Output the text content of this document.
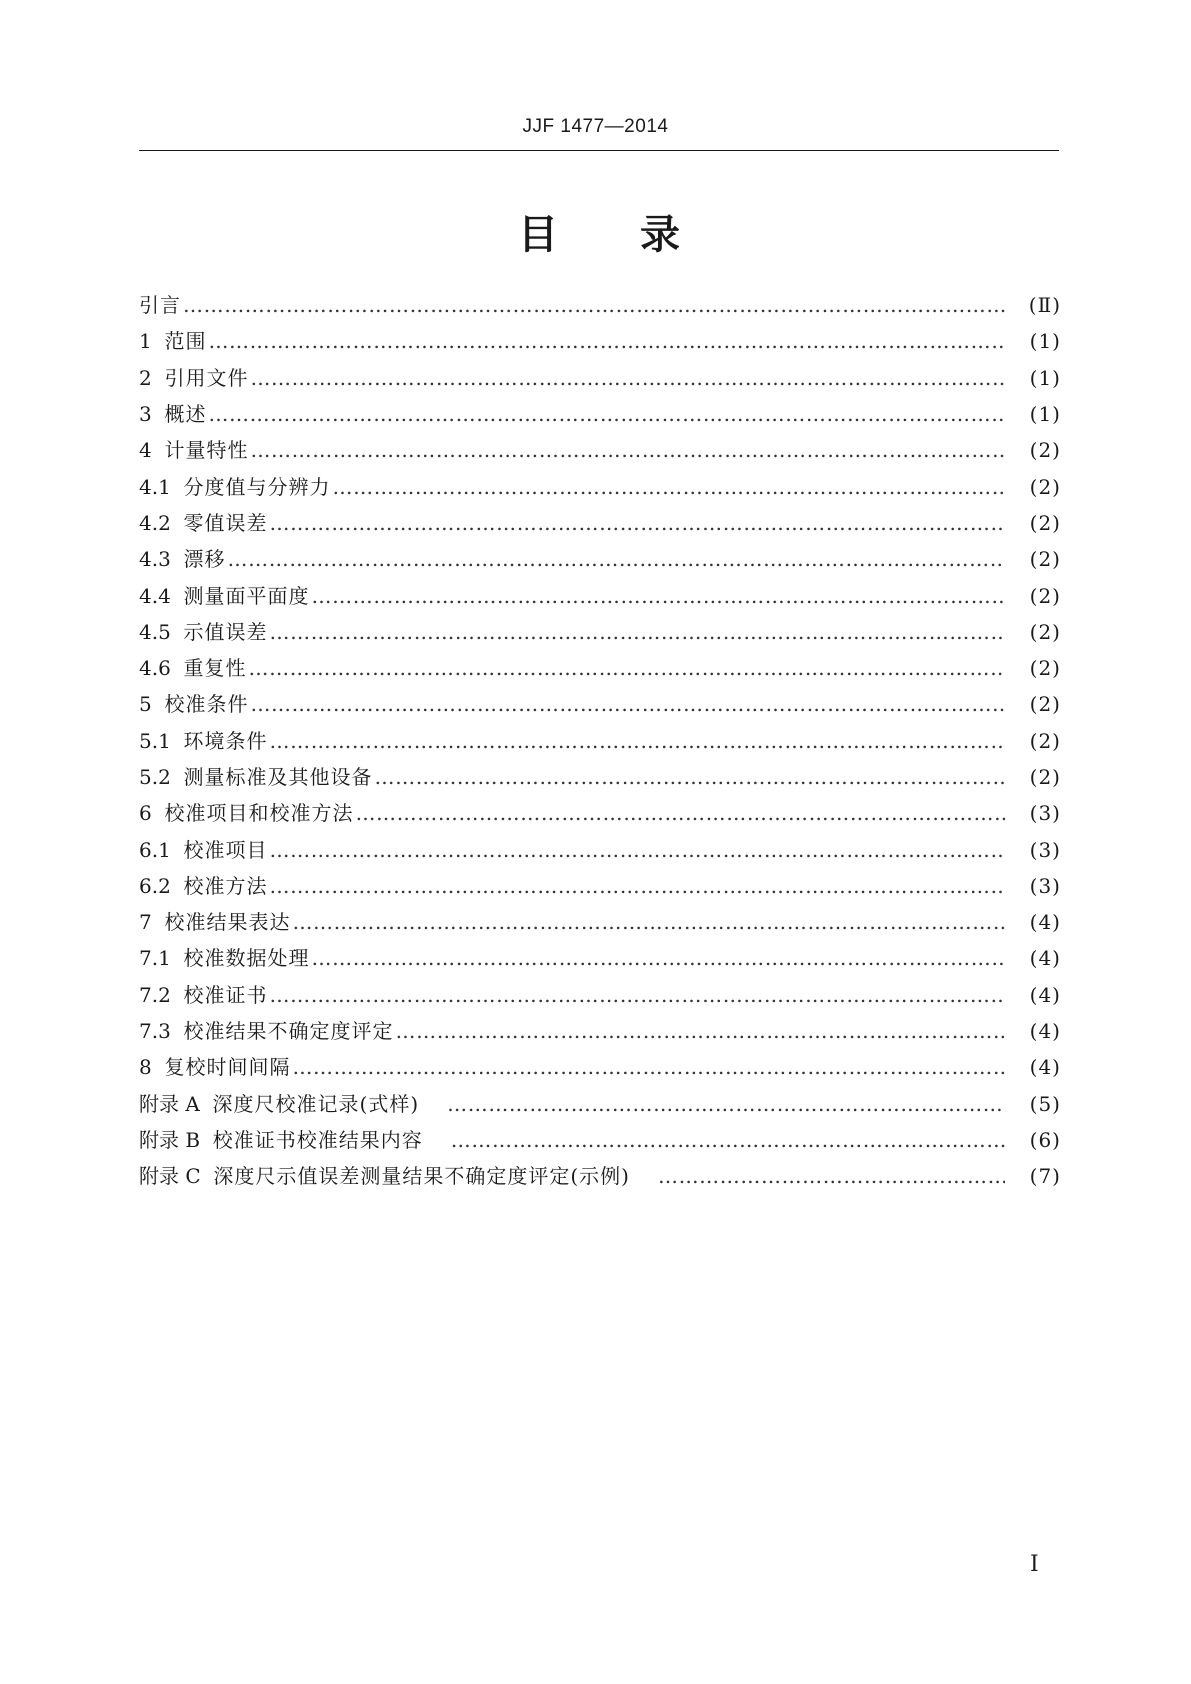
JJF 1477—2014
目 录
引言 …………………………………………………………………………………………………………………………………………………………	(Ⅱ)
1 范围 …………………………………………………………………………………………………………………………………………………………	(1)
2 引用文件 …………………………………………………………………………………………………………………………………………………………	(1)
3 概述 …………………………………………………………………………………………………………………………………………………………	(1)
4 计量特性 …………………………………………………………………………………………………………………………………………………………	(2)
4.1 分度值与分辨力 …………………………………………………………………………………………………………………………………………………………	(2)
4.2 零值误差 …………………………………………………………………………………………………………………………………………………………	(2)
4.3 漂移 …………………………………………………………………………………………………………………………………………………………	(2)
4.4 测量面平面度 …………………………………………………………………………………………………………………………………………………………	(2)
4.5 示值误差 …………………………………………………………………………………………………………………………………………………………	(2)
4.6 重复性 …………………………………………………………………………………………………………………………………………………………	(2)
5 校准条件 …………………………………………………………………………………………………………………………………………………………	(2)
5.1 环境条件 …………………………………………………………………………………………………………………………………………………………	(2)
5.2 测量标准及其他设备 …………………………………………………………………………………………………………………………………………………………	(2)
6 校准项目和校准方法 …………………………………………………………………………………………………………………………………………………………	(3)
6.1 校准项目 …………………………………………………………………………………………………………………………………………………………	(3)
6.2 校准方法 …………………………………………………………………………………………………………………………………………………………	(3)
7 校准结果表达 …………………………………………………………………………………………………………………………………………………………	(4)
7.1 校准数据处理 …………………………………………………………………………………………………………………………………………………………	(4)
7.2 校准证书 …………………………………………………………………………………………………………………………………………………………	(4)
7.3 校准结果不确定度评定 …………………………………………………………………………………………………………………………………………………………	(4)
8 复校时间间隔 …………………………………………………………………………………………………………………………………………………………	(4)
附录 A 深度尺校准记录(式样) …………………………………………………………………………………………………………………………………………………………	(5)
附录 B 校准证书校准结果内容 …………………………………………………………………………………………………………………………………………………………	(6)
附录 C 深度尺示值误差测量结果不确定度评定(示例) …………………………………………………………………………………………………………………………………………………………	(7)
I
